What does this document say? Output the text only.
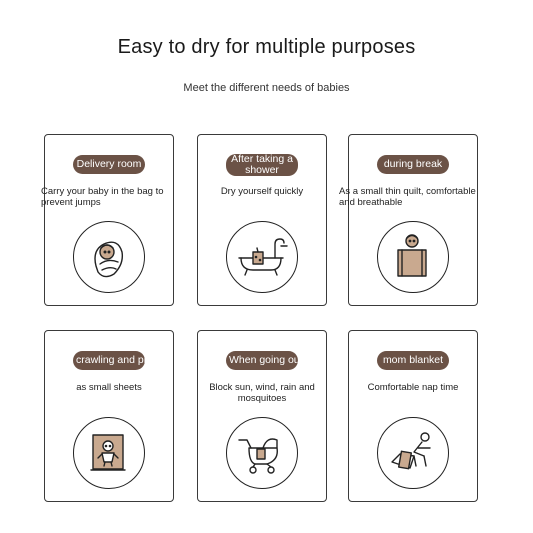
Easy to dry for multiple purposes
Meet the different needs of babies
Delivery room
Carry your baby in the bag to prevent jumps
After taking a shower
Dry yourself quickly
during break
As a small thin quilt, comfortable and breathable
crawling and playing
as small sheets
When going out
Block sun, wind, rain and mosquitoes
mom blanket
Comfortable nap time
